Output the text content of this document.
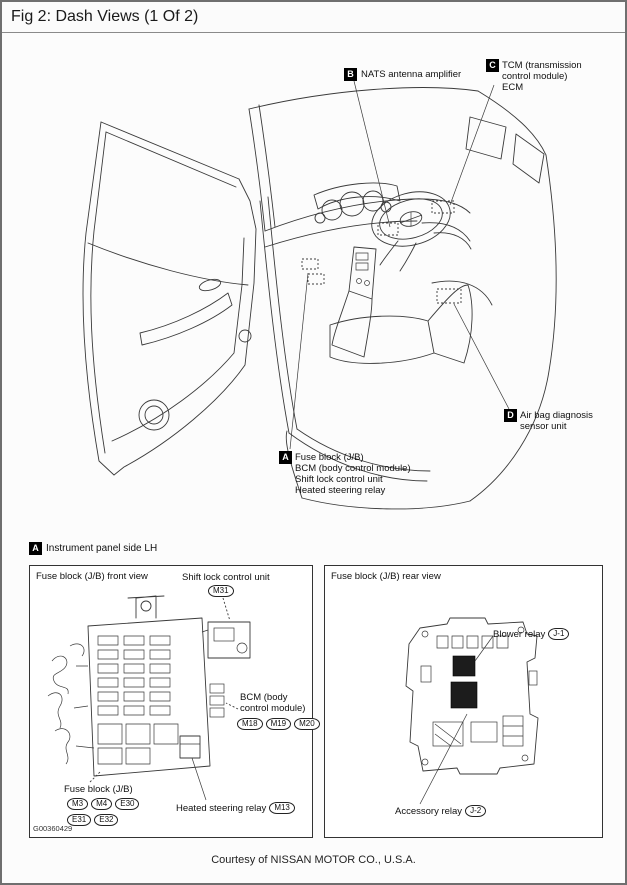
Fig 2: Dash Views (1 Of 2)
B NATS antenna amplifier
C TCM (transmission
control module)
ECM
D Air bag diagnosis
sensor unit
A Fuse block (J/B)
BCM (body control module)
Shift lock control unit
Heated steering relay
A Instrument panel side LH
Fuse block (J/B) front view	Shift lock control unit
M31
BCM (body
control module)
M18	M19	M20
Fuse block (J/B)
M3	M4	E30
E31	E32
Heated steering relay	M13
G00360429
Fuse block (J/B) rear view
Blower relay	J-1
Accessory relay	J-2
Courtesy of NISSAN MOTOR CO., U.S.A.
